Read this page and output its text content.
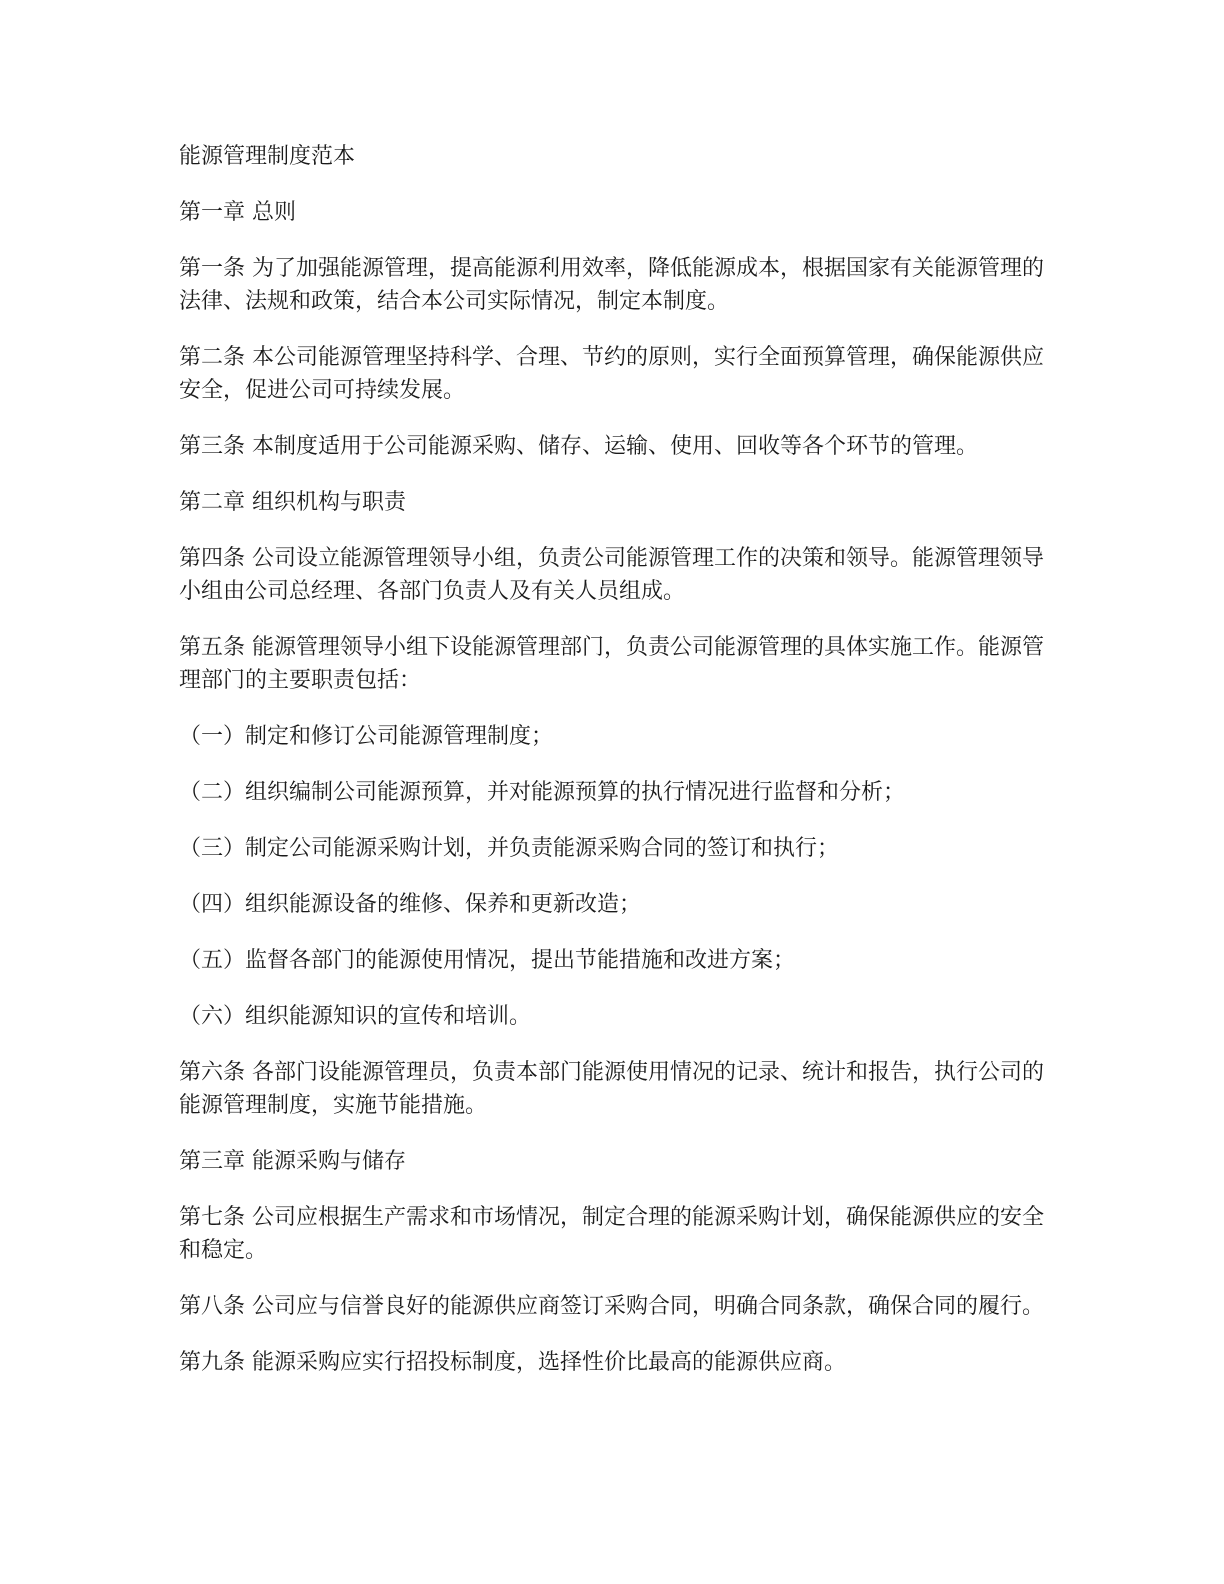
能源管理制度范本

第一章 总则

第一条 为了加强能源管理，提高能源利用效率，降低能源成本，根据国家有关能源管理的法律、法规和政策，结合本公司实际情况，制定本制度。

第二条 本公司能源管理坚持科学、合理、节约的原则，实行全面预算管理，确保能源供应安全，促进公司可持续发展。

第三条 本制度适用于公司能源采购、储存、运输、使用、回收等各个环节的管理。

第二章 组织机构与职责

第四条 公司设立能源管理领导小组，负责公司能源管理工作的决策和领导。能源管理领导小组由公司总经理、各部门负责人及有关人员组成。

第五条 能源管理领导小组下设能源管理部门，负责公司能源管理的具体实施工作。能源管理部门的主要职责包括：

（一）制定和修订公司能源管理制度；

（二）组织编制公司能源预算，并对能源预算的执行情况进行监督和分析；

（三）制定公司能源采购计划，并负责能源采购合同的签订和执行；

（四）组织能源设备的维修、保养和更新改造；

（五）监督各部门的能源使用情况，提出节能措施和改进方案；

（六）组织能源知识的宣传和培训。

第六条 各部门设能源管理员，负责本部门能源使用情况的记录、统计和报告，执行公司的能源管理制度，实施节能措施。

第三章 能源采购与储存

第七条 公司应根据生产需求和市场情况，制定合理的能源采购计划，确保能源供应的安全和稳定。

第八条 公司应与信誉良好的能源供应商签订采购合同，明确合同条款，确保合同的履行。

第九条 能源采购应实行招投标制度，选择性价比最高的能源供应商。
